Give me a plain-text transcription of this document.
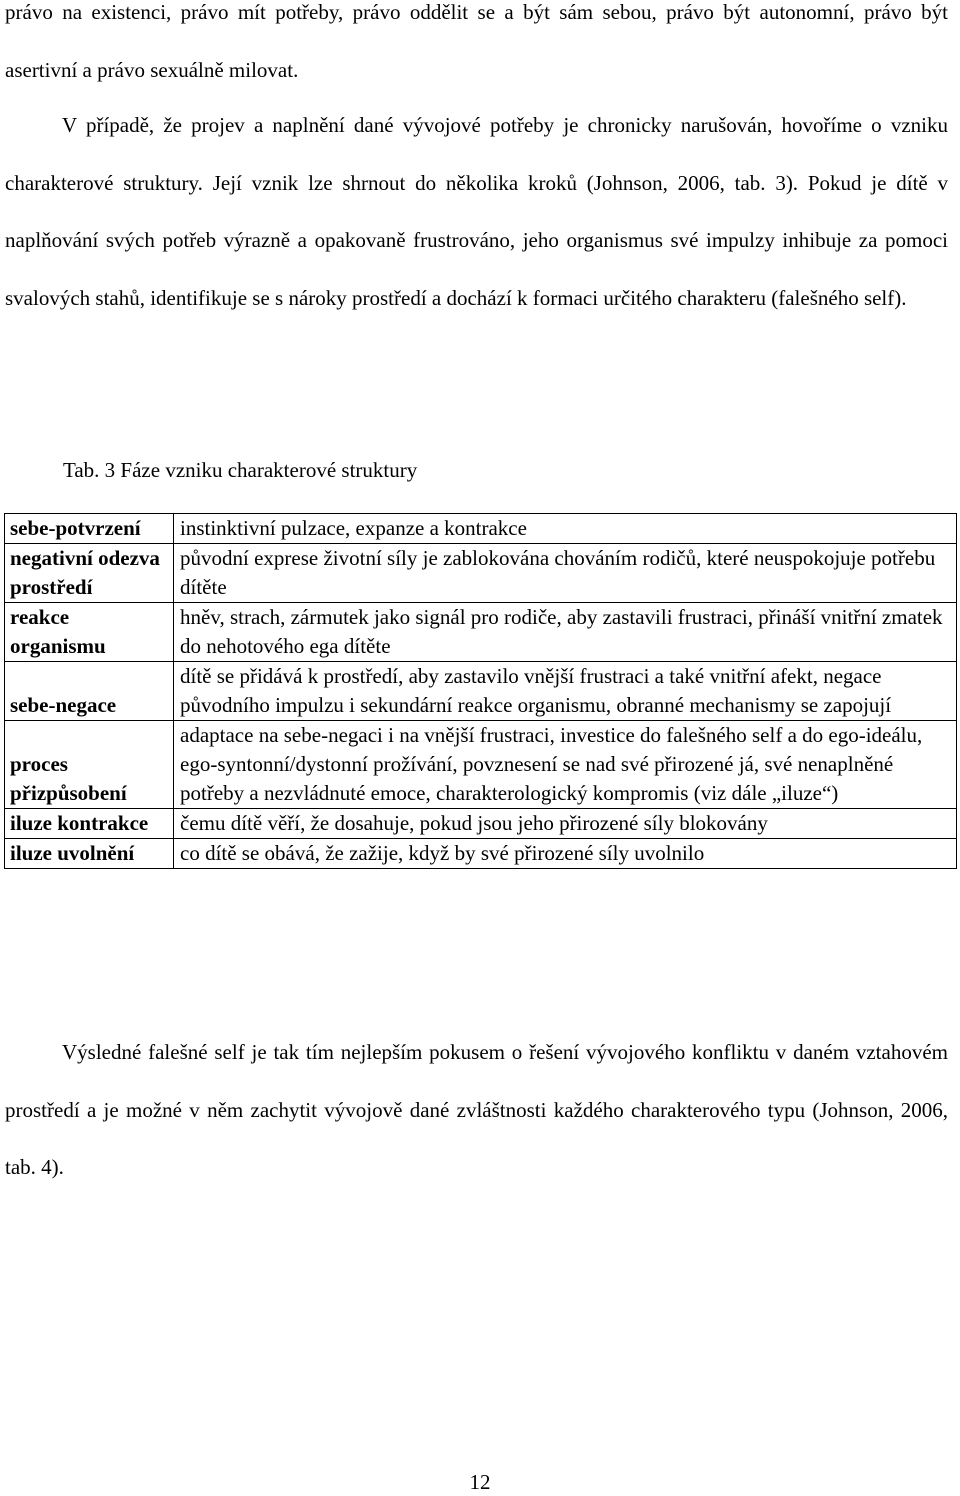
právo na existenci, právo mít potřeby, právo oddělit se a být sám sebou, právo být autonomní, právo být asertivní a právo sexuálně milovat.

V případě, že projev a naplnění dané vývojové potřeby je chronicky narušován, hovoříme o vzniku charakterové struktury. Její vznik lze shrnout do několika kroků (Johnson, 2006, tab. 3). Pokud je dítě v naplňování svých potřeb výrazně a opakovaně frustrováno, jeho organismus své impulzy inhibuje za pomoci svalových stahů, identifikuje se s nároky prostředí a dochází k formaci určitého charakteru (falešného self).

Tab. 3 Fáze vzniku charakterové struktury

sebe-potvrzení	instinktivní pulzace, expanze a kontrakce
negativní odezva prostředí	původní exprese životní síly je zablokována chováním rodičů, které neuspokojuje potřebu dítěte
reakce organismu	hněv, strach, zármutek jako signál pro rodiče, aby zastavili frustraci, přináší vnitřní zmatek do nehotového ega dítěte
sebe-negace	dítě se přidává k prostředí, aby zastavilo vnější frustraci a také vnitřní afekt, negace původního impulzu i sekundární reakce organismu, obranné mechanismy se zapojují
proces přizpůsobení	adaptace na sebe-negaci i na vnější frustraci, investice do falešného self a do ego-ideálu, ego-syntonní/dystonní prožívání, povznesení se nad své přirozené já, své nenaplněné potřeby a nezvládnuté emoce, charakterologický kompromis (viz dále „iluze“)
iluze kontrakce	čemu dítě věří, že dosahuje, pokud jsou jeho přirozené síly blokovány
iluze uvolnění	co dítě se obává, že zažije, když by své přirozené síly uvolnilo

Výsledné falešné self je tak tím nejlepším pokusem o řešení vývojového konfliktu v daném vztahovém prostředí a je možné v něm zachytit vývojově dané zvláštnosti každého charakterového typu (Johnson, 2006, tab. 4).

12
